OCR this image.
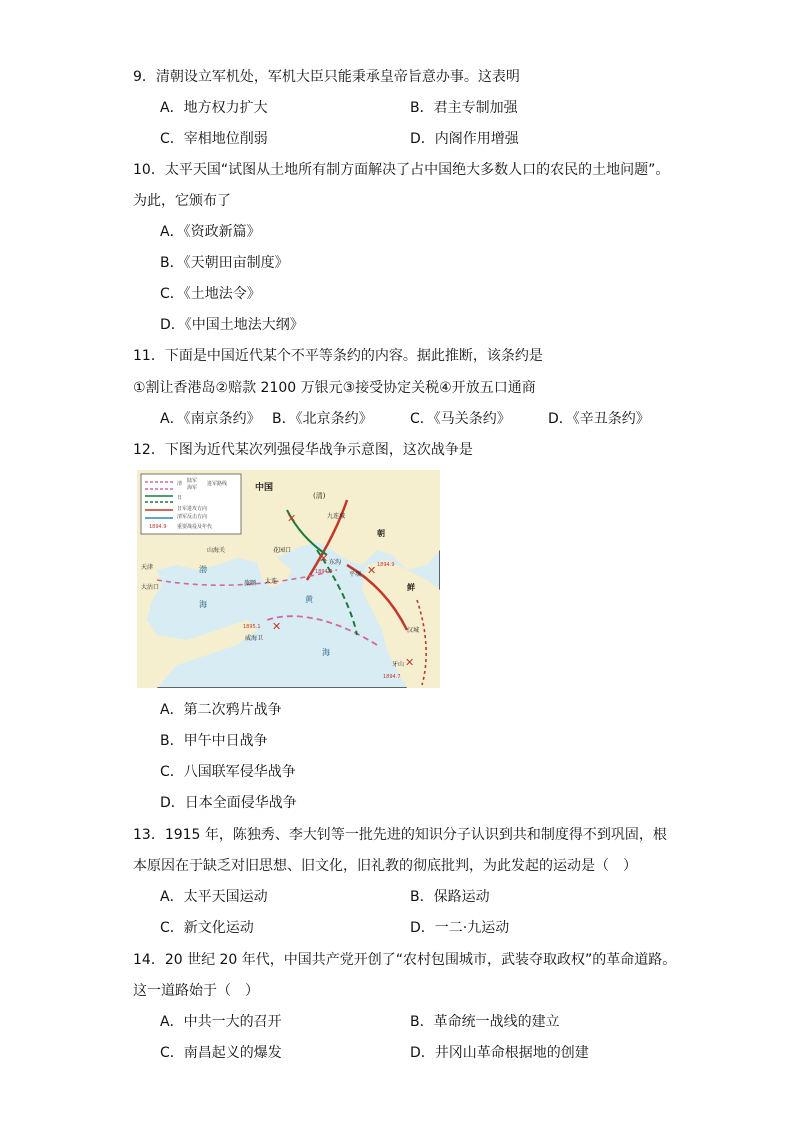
9．清朝设立军机处，军机大臣只能秉承皇帝旨意办事。这表明
A．地方权力扩大	B．君主专制加强
C．宰相地位削弱	D．内阁作用增强
10．太平天国“试图从土地所有制方面解决了占中国绝大多数人口的农民的土地问题”。
为此，它颁布了
A．《资政新篇》
B．《天朝田亩制度》
C．《土地法令》
D．《中国土地法大纲》
11．下面是中国近代某个不平等条约的内容。据此推断，该条约是
①割让香港岛②赔款 2100 万银元③接受协定关税④开放五口通商
A．《南京条约》 B．《北京条约》	C．《马关条约》	D．《辛丑条约》
12．下图为近代某次列强侵华战争示意图，这次战争是
✕
✕
✕
✕
✕
陆军
海军
进军路线
清
日
日军进攻方向
清军反击方向
1894.9 重要战役及年代
中国
(清)
九连城
朝
鲜
山海关	花园口
东沟
天津
大沽口
旅顺 大连
渤
海
黄
海
平壤
汉城
威海卫
牙山
1894.9
1894.9
1895.1
1894.7
A．第二次鸦片战争
B．甲午中日战争
C．八国联军侵华战争
D．日本全面侵华战争
13．1915 年，陈独秀、李大钊等一批先进的知识分子认识到共和制度得不到巩固，根
本原因在于缺乏对旧思想、旧文化，旧礼教的彻底批判，为此发起的运动是（　）
A．太平天国运动	B．保路运动
C．新文化运动	D．一二·九运动
14．20 世纪 20 年代，中国共产党开创了“农村包围城市，武装夺取政权”的革命道路。
这一道路始于（　）
A．中共一大的召开	B．革命统一战线的建立
C．南昌起义的爆发	D．井冈山革命根据地的创建
